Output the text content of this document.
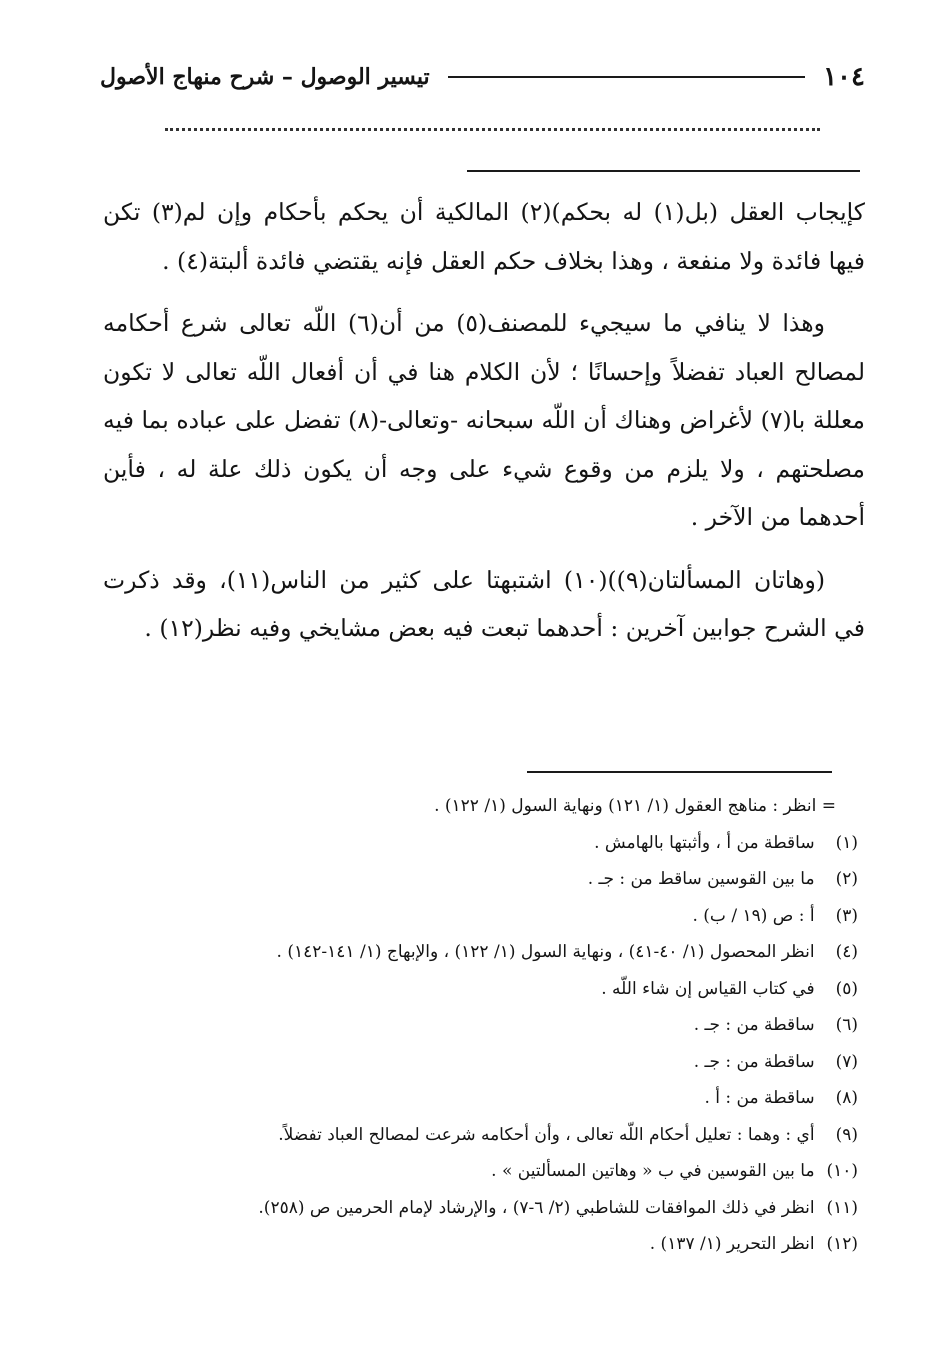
١٠٤
تيسير الوصول – شرح منهاج الأصول

كإيجاب العقل (بل(١) له بحكم)(٢) المالكية أن يحكم بأحكام وإن لم(٣) تكن فيها فائدة ولا منفعة ، وهذا بخلاف حكم العقل فإنه يقتضي فائدة ألبتة(٤) .

وهذا لا ينافي ما سيجيء للمصنف(٥) من أن(٦) اللّه تعالى شرع أحكامه لمصالح العباد تفضلاً وإحسانًا ؛ لأن الكلام هنا في أن أفعال اللّه تعالى لا تكون معللة با(٧) لأغراض وهناك أن اللّه سبحانه -وتعالى-(٨) تفضل على عباده بما فيه مصلحتهم ، ولا يلزم من وقوع شيء على وجه أن يكون ذلك علة له ، فأين أحدهما من الآخر .

(وهاتان المسألتان(٩))(١٠) اشتبهتا على كثير من الناس(١١)، وقد ذكرت في الشرح جوابين آخرين : أحدهما تبعت فيه بعض مشايخي وفيه نظر(١٢) .

= انظر : مناهج العقول (١/ ١٢١) ونهاية السول (١/ ١٢٢) .
(١) ساقطة من أ ، وأثبتها بالهامش .
(٢) ما بين القوسين ساقط من : جـ .
(٣) أ : ص (١٩ / ب) .
(٤) انظر المحصول (١/ ٤٠-٤١) ، ونهاية السول (١/ ١٢٢) ، والإبهاج (١/ ١٤١-١٤٢) .
(٥) في كتاب القياس إن شاء اللّه .
(٦) ساقطة من : جـ .
(٧) ساقطة من : جـ .
(٨) ساقطة من : أ .
(٩) أي : وهما : تعليل أحكام اللّه تعالى ، وأن أحكامه شرعت لمصالح العباد تفضلاً.
(١٠) ما بين القوسين في ب « وهاتين المسألتين » .
(١١) انظر في ذلك الموافقات للشاطبي (٢/ ٦-٧) ، والإرشاد لإمام الحرمين ص (٢٥٨).
(١٢) انظر التحرير (١/ ١٣٧) .
